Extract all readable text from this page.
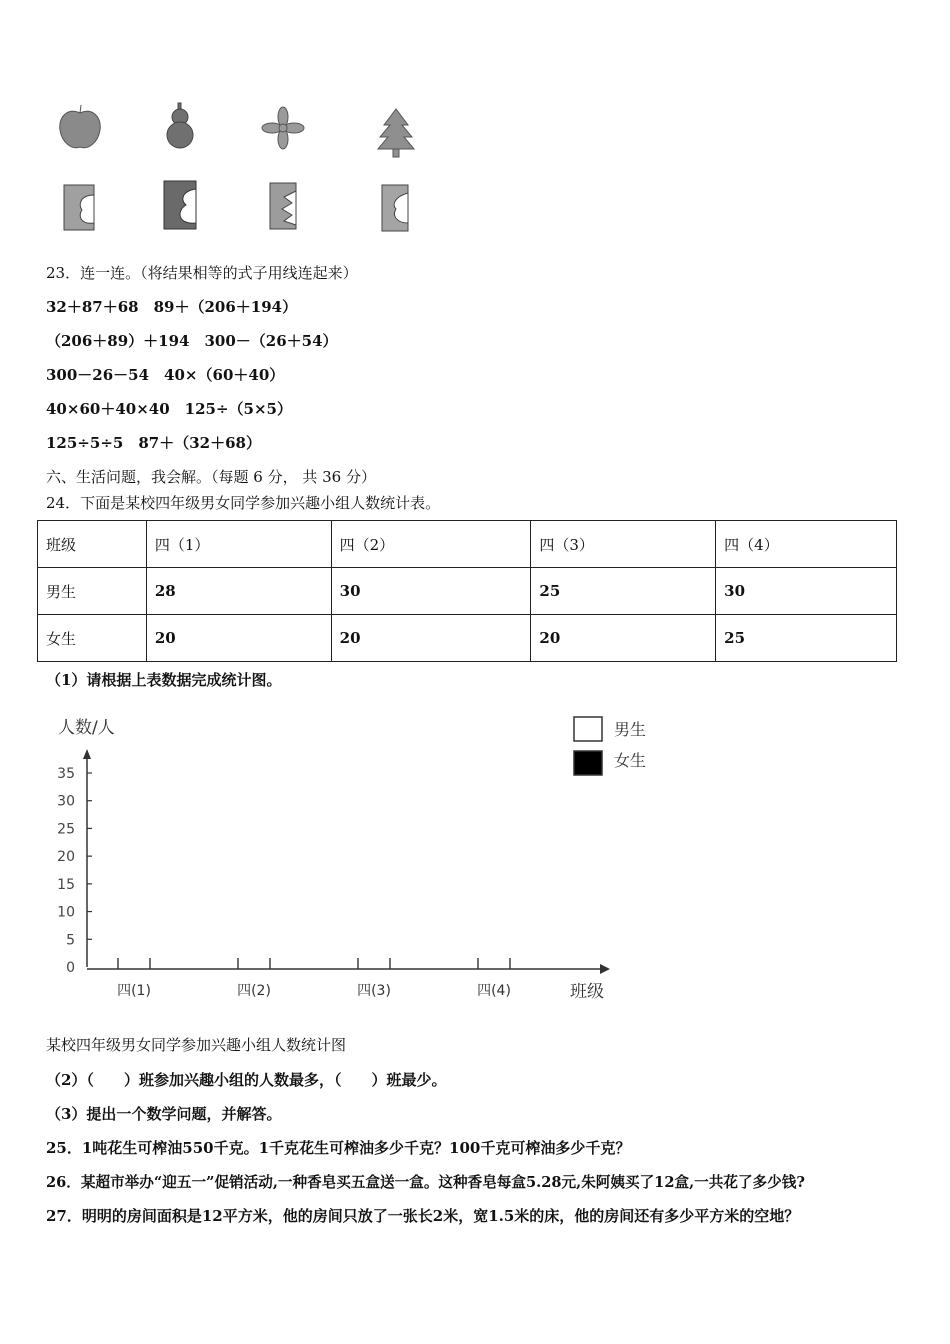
23．连一连。（将结果相等的式子用线连起来）
32＋87＋68　89＋（206＋194）
（206＋89）＋194　300－（26＋54）
300－26－54　40×（60＋40）
40×60＋40×40　125÷（5×5）
125÷5÷5　87＋（32＋68）
六、生活问题，我会解。（每题 6 分， 共 36 分）
24．下面是某校四年级男女同学参加兴趣小组人数统计表。
班级	四（1）	四（2）	四（3）	四（4）
男生	28	30	25	30
女生	20	20	20	25
（1）请根据上表数据完成统计图。
人数/人
35
30
25
20
15
10
5
0
四(1)	四(2)	四(3)	四(4)	班级
男生
女生
某校四年级男女同学参加兴趣小组人数统计图
（2）（　　）班参加兴趣小组的人数最多，（　　）班最少。
（3）提出一个数学问题，并解答。
25．1吨花生可榨油550千克。1千克花生可榨油多少千克？100千克可榨油多少千克？
26．某超市举办“迎五一”促销活动,一种香皂买五盒送一盒。这种香皂每盒5.28元,朱阿姨买了12盒,一共花了多少钱?
27．明明的房间面积是12平方米，他的房间只放了一张长2米，宽1.5米的床，他的房间还有多少平方米的空地？
